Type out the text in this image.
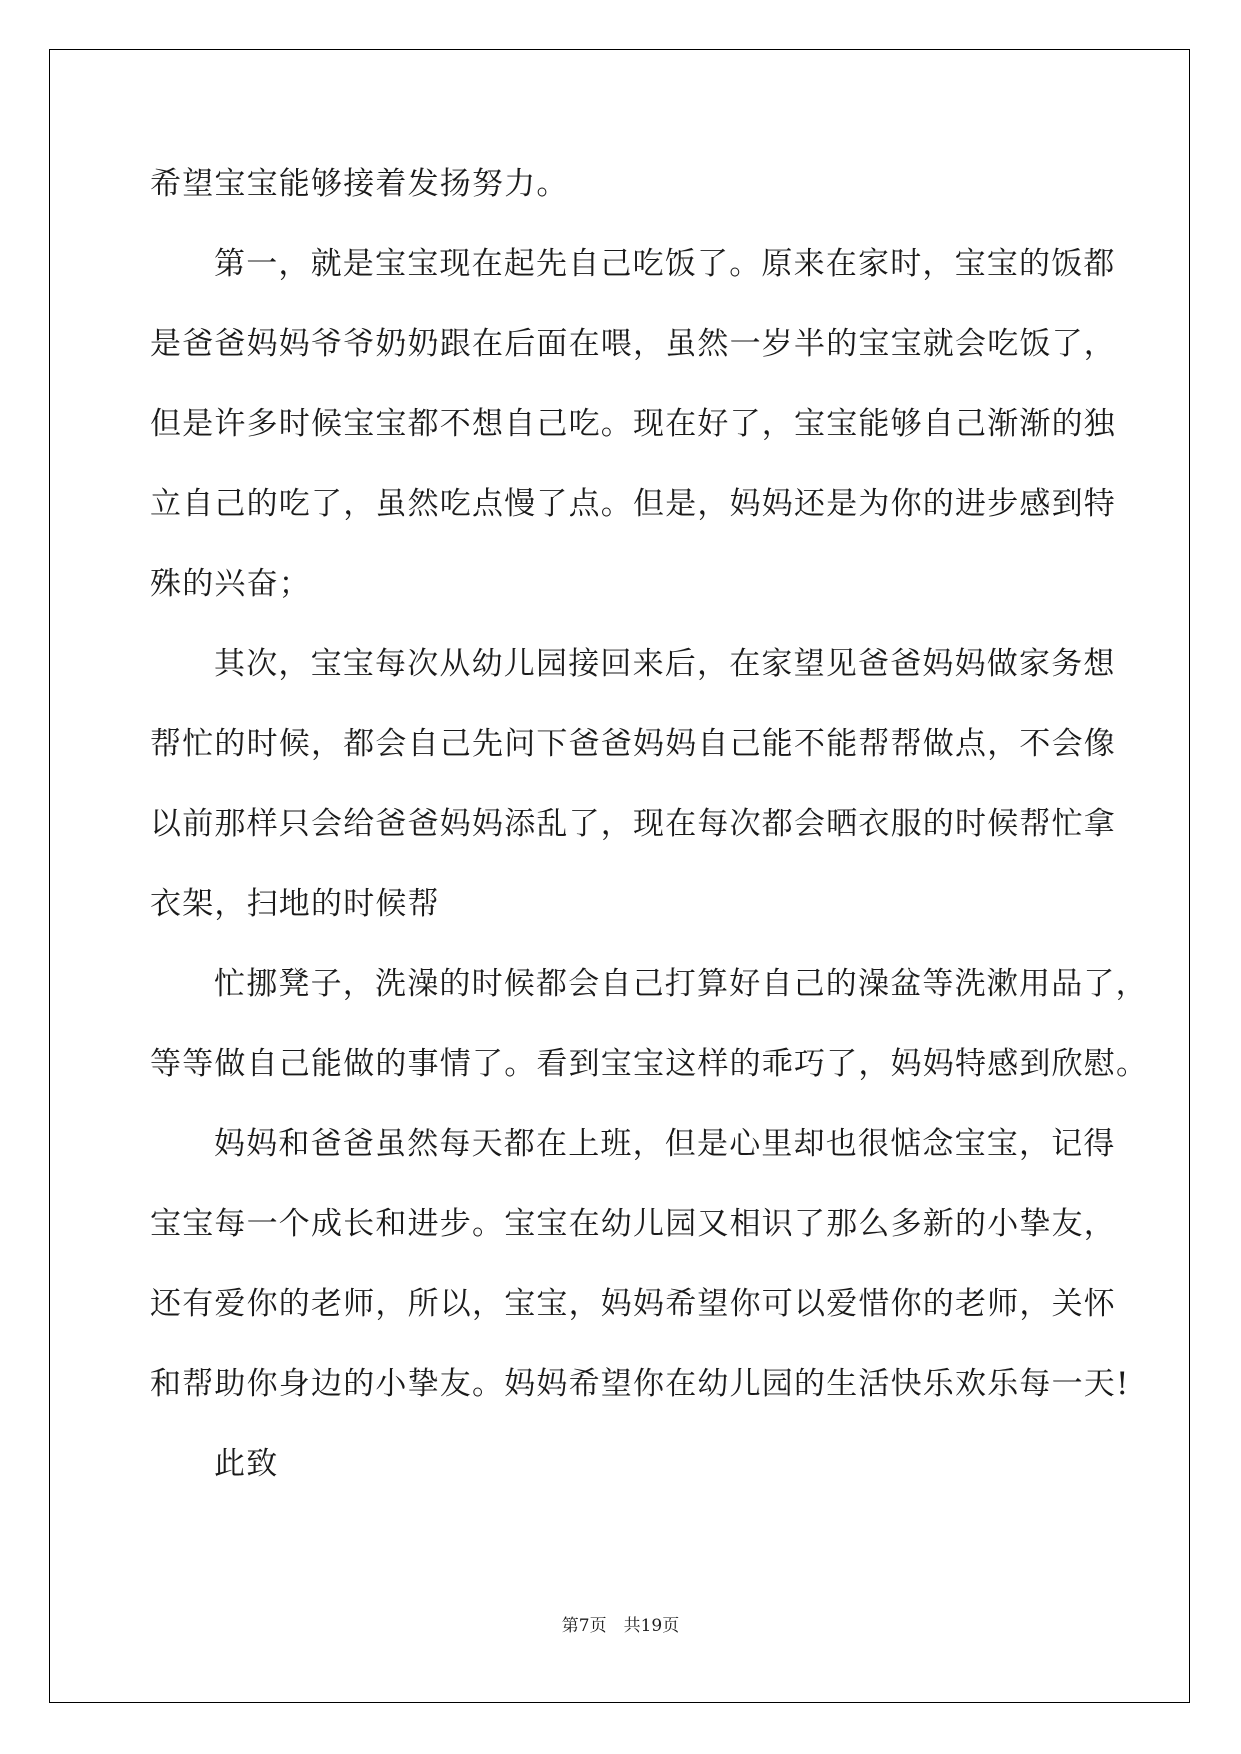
希望宝宝能够接着发扬努力。
第一，就是宝宝现在起先自己吃饭了。原来在家时，宝宝的饭都
是爸爸妈妈爷爷奶奶跟在后面在喂，虽然一岁半的宝宝就会吃饭了，
但是许多时候宝宝都不想自己吃。现在好了，宝宝能够自己渐渐的独
立自己的吃了，虽然吃点慢了点。但是，妈妈还是为你的进步感到特
殊的兴奋；
其次，宝宝每次从幼儿园接回来后，在家望见爸爸妈妈做家务想
帮忙的时候，都会自己先问下爸爸妈妈自己能不能帮帮做点，不会像
以前那样只会给爸爸妈妈添乱了，现在每次都会晒衣服的时候帮忙拿
衣架，扫地的时候帮
忙挪凳子，洗澡的时候都会自己打算好自己的澡盆等洗漱用品了，
等等做自己能做的事情了。看到宝宝这样的乖巧了，妈妈特感到欣慰。
妈妈和爸爸虽然每天都在上班，但是心里却也很惦念宝宝，记得
宝宝每一个成长和进步。宝宝在幼儿园又相识了那么多新的小挚友，
还有爱你的老师，所以，宝宝，妈妈希望你可以爱惜你的老师，关怀
和帮助你身边的小挚友。妈妈希望你在幼儿园的生活快乐欢乐每一天!
此致
第7页　共19页
